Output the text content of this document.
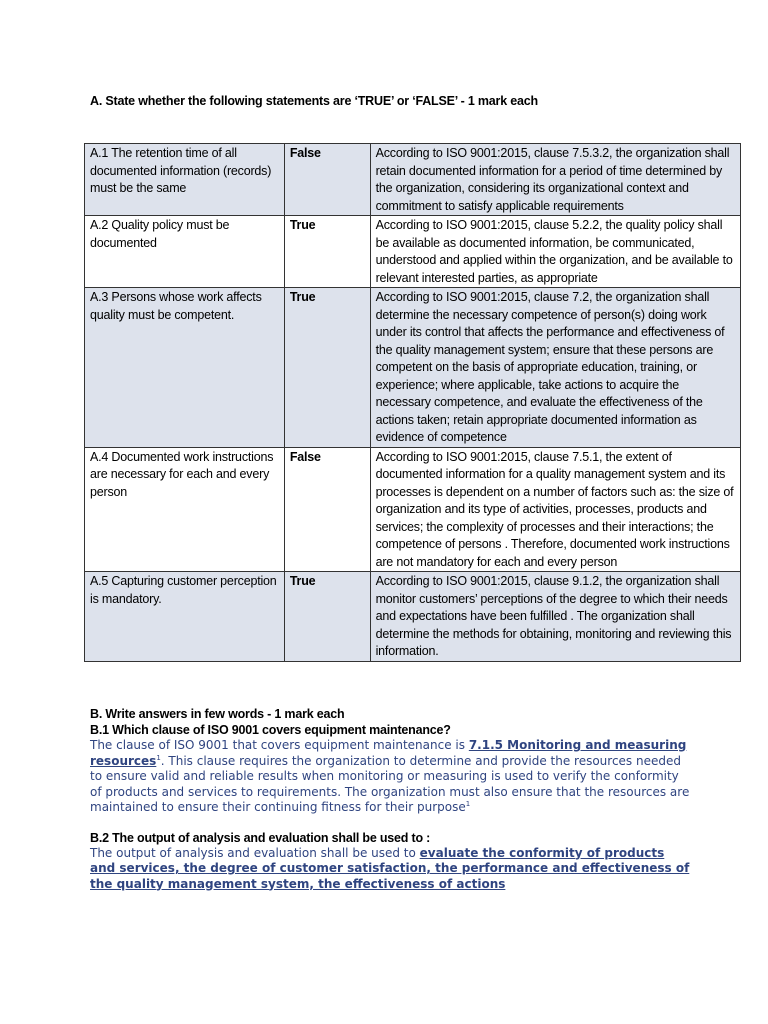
A. State whether the following statements are ‘TRUE’ or ‘FALSE’ - 1 mark each
A.1 The retention time of all documented information (records) must be the same	False	According to ISO 9001:2015, clause 7.5.3.2, the organization shall retain documented information for a period of time determined by the organization, considering its organizational context and commitment to satisfy applicable requirements
A.2 Quality policy must be documented	True	According to ISO 9001:2015, clause 5.2.2, the quality policy shall be available as documented information, be communicated, understood and applied within the organization, and be available to relevant interested parties, as appropriate
A.3 Persons whose work affects quality must be competent.	True	According to ISO 9001:2015, clause 7.2, the organization shall determine the necessary competence of person(s) doing work under its control that affects the performance and effectiveness of the quality management system; ensure that these persons are competent on the basis of appropriate education, training, or experience; where applicable, take actions to acquire the necessary competence, and evaluate the effectiveness of the actions taken; retain appropriate documented information as evidence of competence
A.4 Documented work instructions are necessary for each and every person	False	According to ISO 9001:2015, clause 7.5.1, the extent of documented information for a quality management system and its processes is dependent on a number of factors such as: the size of organization and its type of activities, processes, products and services; the complexity of processes and their interactions; the competence of persons . Therefore, documented work instructions are not mandatory for each and every person
A.5 Capturing customer perception is mandatory.	True	According to ISO 9001:2015, clause 9.1.2, the organization shall monitor customers’ perceptions of the degree to which their needs and expectations have been fulfilled . The organization shall determine the methods for obtaining, monitoring and reviewing this information.
B. Write answers in few words - 1 mark each
B.1 Which clause of ISO 9001 covers equipment maintenance?
The clause of ISO 9001 that covers equipment maintenance is 7.1.5 Monitoring and measuring resources$^1$. This clause requires the organization to determine and provide the resources needed to ensure valid and reliable results when monitoring or measuring is used to verify the conformity of products and services to requirements. The organization must also ensure that the resources are maintained to ensure their continuing fitness for their purpose$^1$
B.2 The output of analysis and evaluation shall be used to :
The output of analysis and evaluation shall be used to evaluate the conformity of products and services, the degree of customer satisfaction, the performance and effectiveness of the quality management system, the effectiveness of actions
